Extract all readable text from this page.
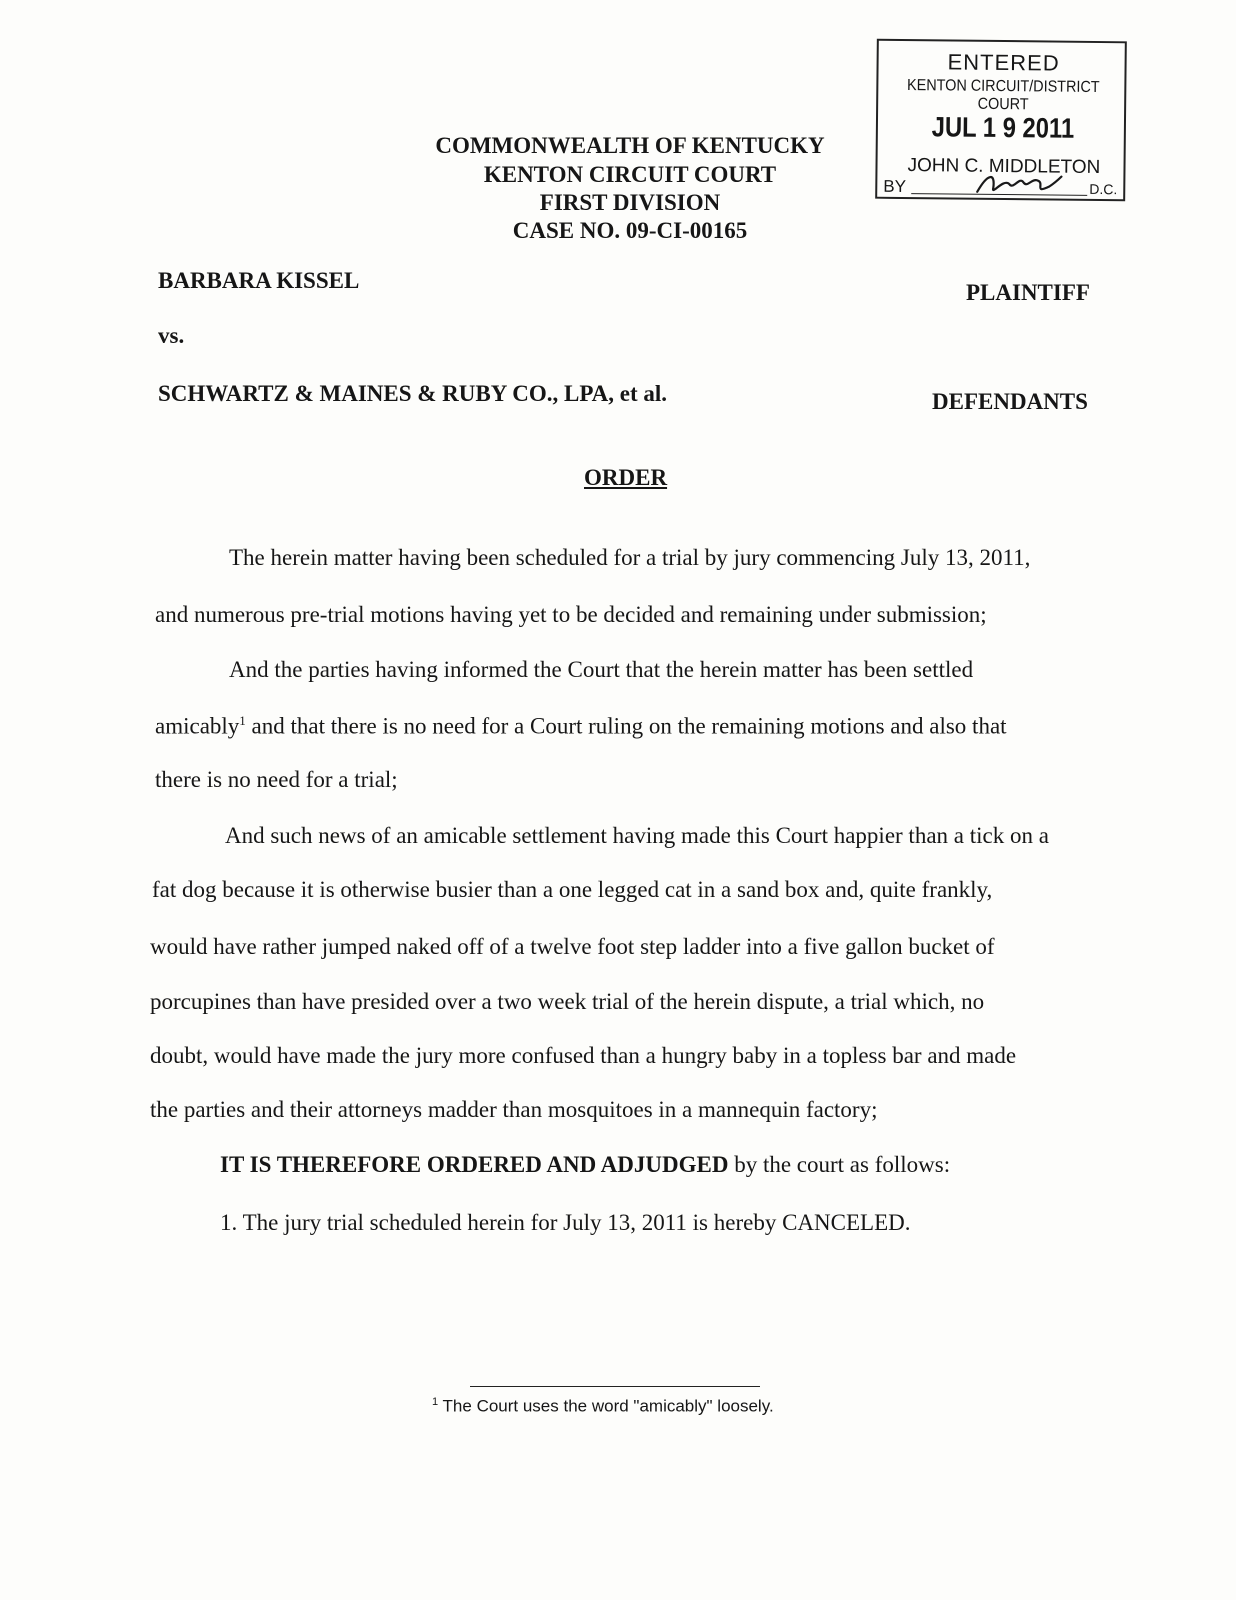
ENTERED
KENTON CIRCUIT/DISTRICT COURT
JUL 1 9 2011
JOHN C. MIDDLETON
BY	D.C.
COMMONWEALTH OF KENTUCKY
KENTON CIRCUIT COURT
FIRST DIVISION
CASE NO. 09-CI-00165
BARBARA KISSEL	PLAINTIFF
vs.
SCHWARTZ & MAINES & RUBY CO., LPA, et al.	DEFENDANTS
ORDER
The herein matter having been scheduled for a trial by jury commencing July 13, 2011,
and numerous pre-trial motions having yet to be decided and remaining under submission;
And the parties having informed the Court that the herein matter has been settled
amicably$^1$ and that there is no need for a Court ruling on the remaining motions and also that
there is no need for a trial;
And such news of an amicable settlement having made this Court happier than a tick on a
fat dog because it is otherwise busier than a one legged cat in a sand box and, quite frankly,
would have rather jumped naked off of a twelve foot step ladder into a five gallon bucket of
porcupines than have presided over a two week trial of the herein dispute, a trial which, no
doubt, would have made the jury more confused than a hungry baby in a topless bar and made
the parties and their attorneys madder than mosquitoes in a mannequin factory;
IT IS THEREFORE ORDERED AND ADJUDGED by the court as follows:
1. The jury trial scheduled herein for July 13, 2011 is hereby CANCELED.
$^1$ The Court uses the word "amicably" loosely.
